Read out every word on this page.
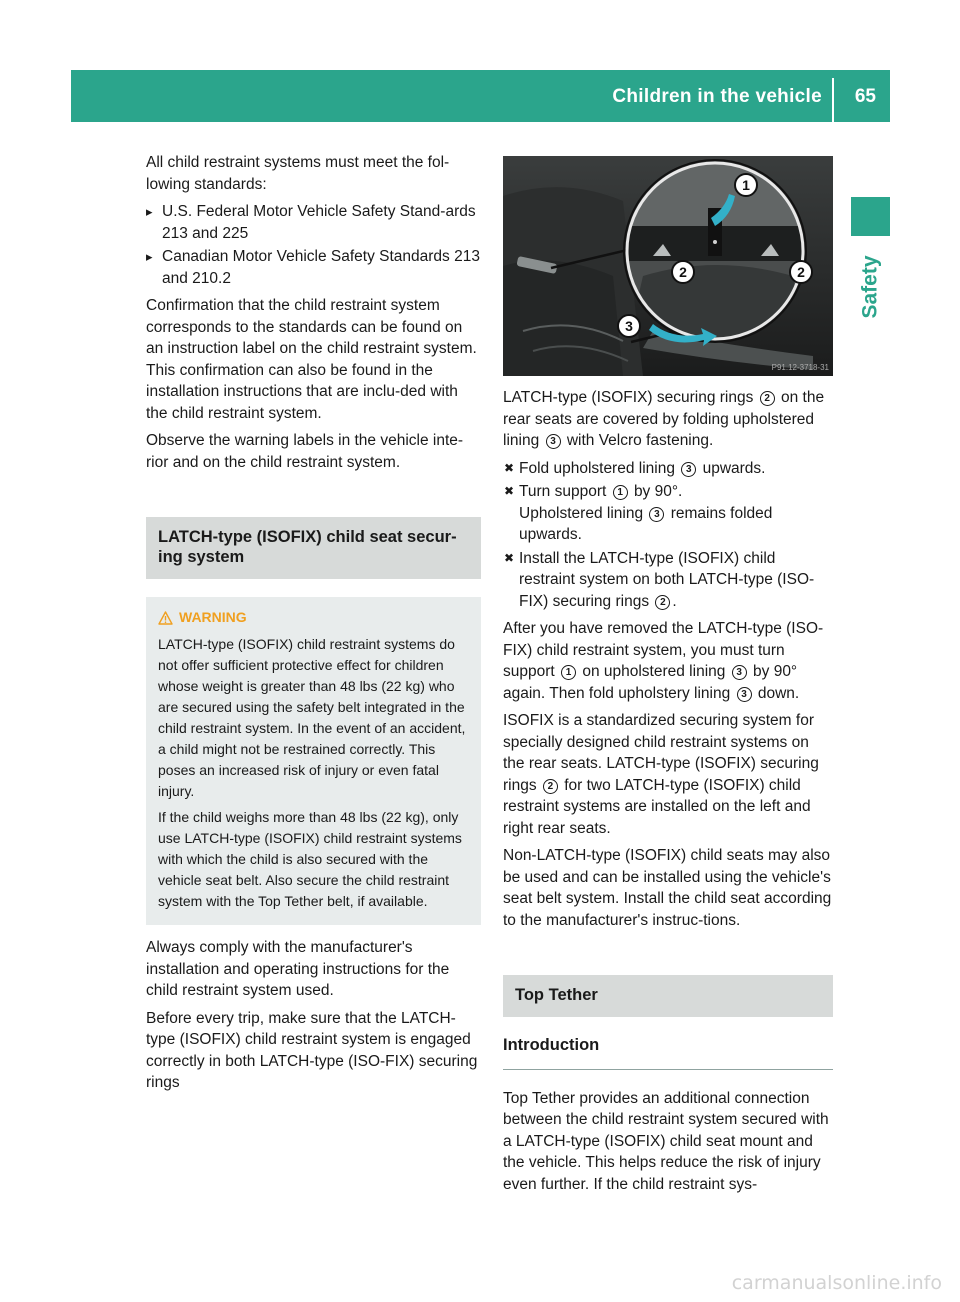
Children in the vehicle 65
Safety

All child restraint systems must meet the fol-lowing standards:

▸ U.S. Federal Motor Vehicle Safety Stand-ards 213 and 225
▸ Canadian Motor Vehicle Safety Standards 213 and 210.2

Confirmation that the child restraint system corresponds to the standards can be found on an instruction label on the child restraint system. This confirmation can also be found in the installation instructions that are inclu-ded with the child restraint system.

Observe the warning labels in the vehicle inte-rior and on the child restraint system.

LATCH-type (ISOFIX) child seat secur-ing system
WARNING

LATCH-type (ISOFIX) child restraint systems do not offer sufficient protective effect for children whose weight is greater than 48 lbs (22 kg) who are secured using the safety belt integrated in the child restraint system. In the event of an accident, a child might not be restrained correctly. This poses an increased risk of injury or even fatal injury.

If the child weighs more than 48 lbs (22 kg), only use LATCH-type (ISOFIX) child restraint systems with which the child is also secured with the vehicle seat belt. Also secure the child restraint system with the Top Tether belt, if available.

Always comply with the manufacturer's installation and operating instructions for the child restraint system used.

Before every trip, make sure that the LATCH-type (ISOFIX) child restraint system is engaged correctly in both LATCH-type (ISO-FIX) securing rings

1
2	2
3
P91.12-3718-31

LATCH-type (ISOFIX) securing rings 2 on the rear seats are covered by folding upholstered lining 3 with Velcro fastening.

✖ Fold upholstered lining 3 upwards.
✖ Turn support 1 by 90°.
Upholstered lining 3 remains folded upwards.
✖ Install the LATCH-type (ISOFIX) child restraint system on both LATCH-type (ISO-FIX) securing rings 2 .

After you have removed the LATCH-type (ISO-FIX) child restraint system, you must turn support 1 on upholstered lining 3 by 90° again. Then fold upholstery lining 3 down.

ISOFIX is a standardized securing system for specially designed child restraint systems on the rear seats. LATCH-type (ISOFIX) securing rings 2 for two LATCH-type (ISOFIX) child restraint systems are installed on the left and right rear seats.

Non-LATCH-type (ISOFIX) child seats may also be used and can be installed using the vehicle's seat belt system. Install the child seat according to the manufacturer's instruc-tions.

Top Tether
Introduction

Top Tether provides an additional connection between the child restraint system secured with a LATCH-type (ISOFIX) child seat mount and the vehicle. This helps reduce the risk of injury even further. If the child restraint sys-

carmanualsonline.info
